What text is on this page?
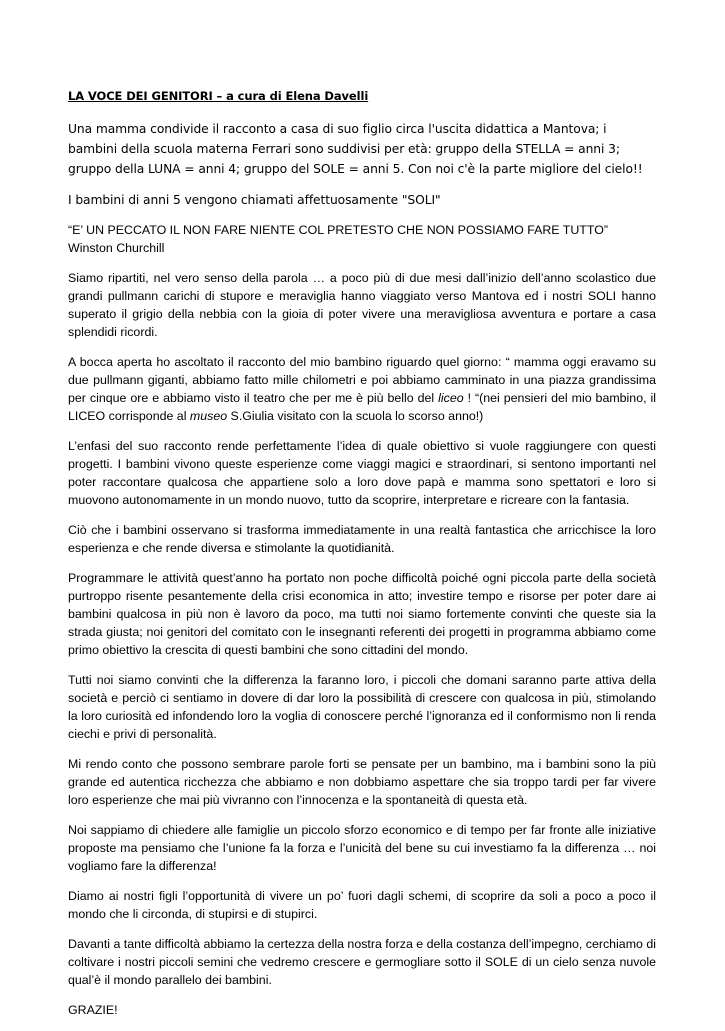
LA VOCE DEI GENITORI – a cura di Elena Davelli

Una mamma condivide il racconto a casa di suo figlio circa l'uscita didattica a Mantova; i bambini della scuola materna Ferrari sono suddivisi per età: gruppo della STELLA = anni 3; gruppo della LUNA = anni 4; gruppo del SOLE = anni 5. Con noi c'è la parte migliore del cielo!!

I bambini di anni 5 vengono chiamati affettuosamente "SOLI"

“E’ UN PECCATO IL NON FARE NIENTE COL PRETESTO CHE NON POSSIAMO FARE TUTTO” Winston Churchill

Siamo ripartiti, nel vero senso della parola … a poco più di due mesi dall’inizio dell’anno scolastico due grandi pullmann carichi di stupore e meraviglia hanno viaggiato verso Mantova ed i nostri SOLI hanno superato il grigio della nebbia con la gioia di poter vivere una meravigliosa avventura e portare a casa splendidi ricordi.

A bocca aperta ho ascoltato il racconto del mio bambino riguardo quel giorno: “ mamma oggi eravamo su due pullmann giganti, abbiamo fatto mille chilometri e poi abbiamo camminato in una piazza grandissima per cinque ore e abbiamo visto il teatro che per me è più bello del liceo ! “(nei pensieri del mio bambino, il LICEO corrisponde al museo S.Giulia visitato con la scuola lo scorso anno!)

L’enfasi del suo racconto rende perfettamente l’idea di quale obiettivo si vuole raggiungere con questi progetti. I bambini vivono queste esperienze come viaggi magici e straordinari, si sentono importanti nel poter raccontare qualcosa che appartiene solo a loro dove papà e mamma sono spettatori e loro si muovono autonomamente in un mondo nuovo, tutto da scoprire, interpretare e ricreare con la fantasia.

Ciò che i bambini osservano si trasforma immediatamente in una realtà fantastica che arricchisce la loro esperienza e che rende diversa e stimolante la quotidianità.

Programmare le attività quest’anno ha portato non poche difficoltà poiché ogni piccola parte della società purtroppo risente pesantemente della crisi economica in atto; investire tempo e risorse per poter dare ai bambini qualcosa in più non è lavoro da poco, ma tutti noi siamo fortemente convinti che queste sia la strada giusta; noi genitori del comitato con le insegnanti referenti dei progetti in programma abbiamo come primo obiettivo la crescita di questi bambini che sono cittadini del mondo.

Tutti noi siamo convinti che la differenza la faranno loro, i piccoli che domani saranno parte attiva della società e perciò ci sentiamo in dovere di dar loro la possibilità di crescere con qualcosa in più, stimolando la loro curiosità ed infondendo loro la voglia di conoscere perché l’ignoranza ed il conformismo non li renda ciechi e privi di personalità.

Mi rendo conto che possono sembrare parole forti se pensate per un bambino, ma i bambini sono la più grande ed autentica ricchezza che abbiamo e non dobbiamo aspettare che sia troppo tardi per far vivere loro esperienze che mai più vivranno con l’innocenza e la spontaneità di questa età.

Noi sappiamo di chiedere alle famiglie un piccolo sforzo economico e di tempo per far fronte alle iniziative proposte ma pensiamo che l’unione fa la forza e l’unicità del bene su cui investiamo fa la differenza … noi vogliamo fare la differenza!

Diamo ai nostri figli l’opportunità di vivere un po’ fuori dagli schemi, di scoprire da soli a poco a poco il mondo che li circonda, di stupirsi e di stupirci.

Davanti a tante difficoltà abbiamo la certezza della nostra forza e della costanza dell’impegno, cerchiamo di coltivare i nostri piccoli semini che vedremo crescere e germogliare sotto il SOLE di un cielo senza nuvole qual’è il mondo parallelo dei bambini.

GRAZIE!
